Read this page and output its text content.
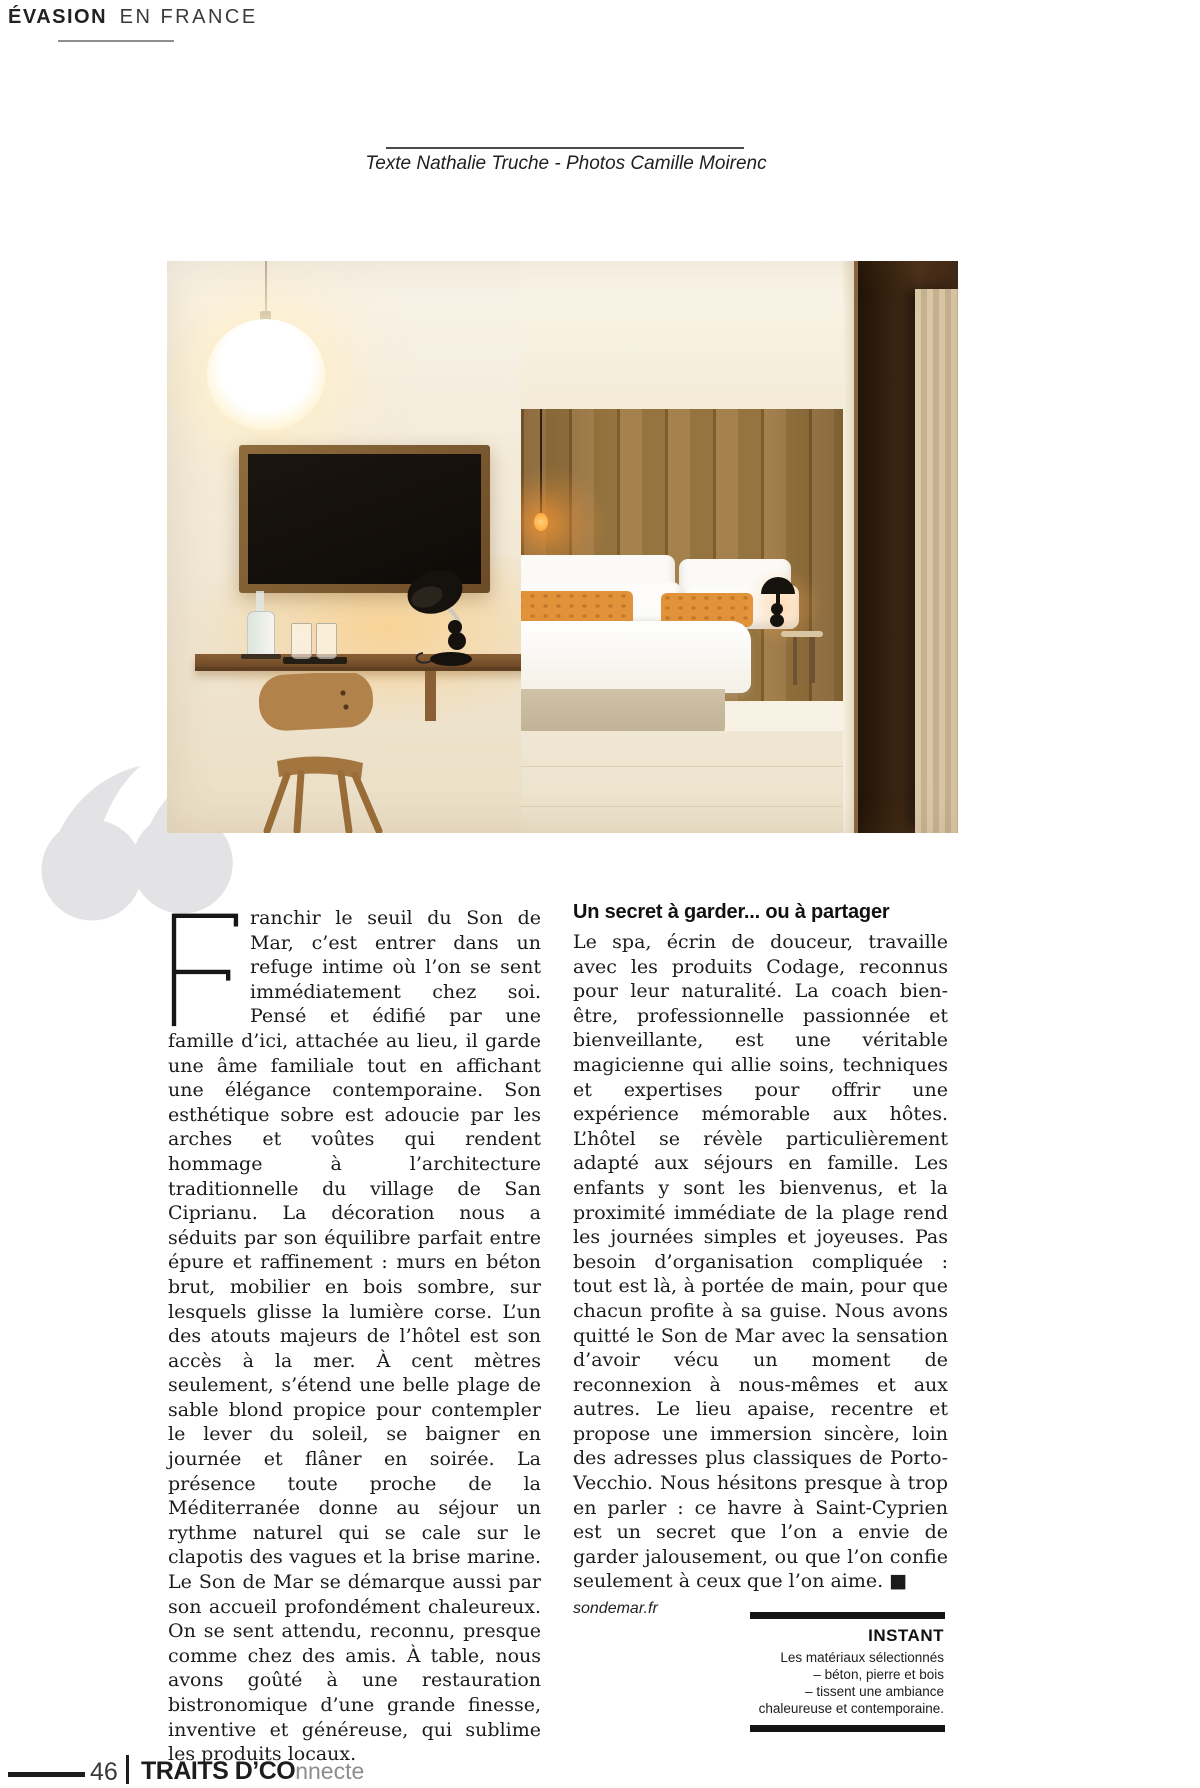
ÉVASION EN FRANCE
Texte Nathalie Truche - Photos Camille Moirenc
ranchir le seuil du Son de Mar, c’est entrer dans un refuge intime où l’on se sent immédiatement chez soi. Pensé et édifié par une famille d’ici, attachée au lieu, il garde une âme familiale tout en affichant une élégance contemporaine. Son esthétique sobre est adoucie par les arches et voûtes qui rendent hommage à l’architecture traditionnelle du village de San Ciprianu. La décoration nous a séduits par son équilibre parfait entre épure et raffinement : murs en béton brut, mobilier en bois sombre, sur lesquels glisse la lumière corse. L’un des atouts majeurs de l’hôtel est son accès à la mer. À cent mètres seulement, s’étend une belle plage de sable blond propice pour contempler le lever du soleil, se baigner en journée et flâner en soirée. La présence toute proche de la Méditerranée donne au séjour un rythme naturel qui se cale sur le clapotis des vagues et la brise marine. Le Son de Mar se démarque aussi par son accueil profondément chaleureux. On se sent attendu, reconnu, presque comme chez des amis. À table, nous avons goûté à une restauration bistronomique d’une grande finesse, inventive et généreuse, qui sublime les produits locaux.
Un secret à garder... ou à partager
Le spa, écrin de douceur, travaille avec les produits Codage, reconnus pour leur naturalité. La coach bien-être, professionnelle passionnée et bienveillante, est une véritable magicienne qui allie soins, techniques et expertises pour offrir une expérience mémorable aux hôtes. L’hôtel se révèle particulièrement adapté aux séjours en famille. Les enfants y sont les bienvenus, et la proximité immédiate de la plage rend les journées simples et joyeuses. Pas besoin d’organisation compliquée : tout est là, à portée de main, pour que chacun profite à sa guise. Nous avons quitté le Son de Mar avec la sensation d’avoir vécu un moment de reconnexion à nous-mêmes et aux autres. Le lieu apaise, recentre et propose une immersion sincère, loin des adresses plus classiques de Porto-Vecchio. Nous hésitons presque à trop en parler : ce havre à Saint-Cyprien est un secret que l’on a envie de garder jalousement, ou que l’on confie seulement à ceux que l’on aime. ■
sondemar.fr
INSTANT
Les matériaux sélectionnés
– béton, pierre et bois
– tissent une ambiance
chaleureuse et contemporaine.
46 TRAITS D’COnnecte
